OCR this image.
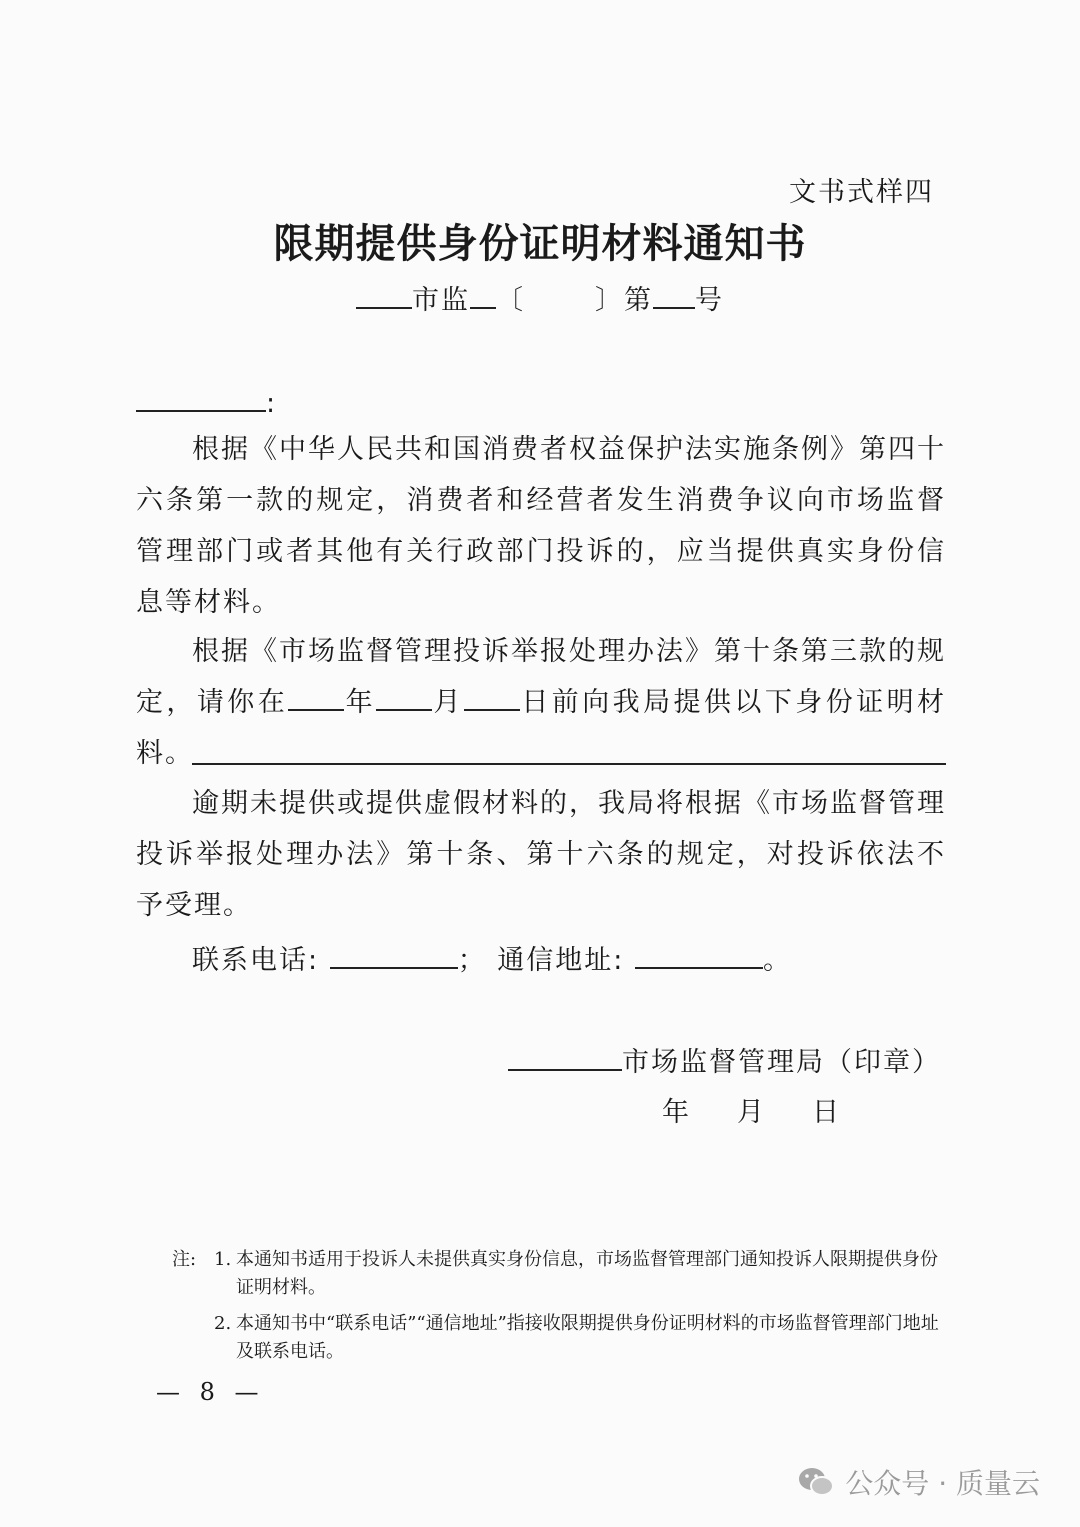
文书式样四
限期提供身份证明材料通知书
市监 〔	〕第 号
:
根据《中华人民共和国消费者权益保护法实施条例》第四十六条第一款的规定，消费者和经营者发生消费争议向市场监督管理部门或者其他有关行政部门投诉的，应当提供真实身份信息等材料。
根据《市场监督管理投诉举报处理办法》第十条第三款的规定，请你在 年 月 日前向我局提供以下身份证明材料。
逾期未提供或提供虚假材料的，我局将根据《市场监督管理投诉举报处理办法》第十条、第十六条的规定，对投诉依法不予受理。
联系电话:	； 通信地址:	。
市场监督管理局（印章）
年 月 日
注: 1. 本通知书适用于投诉人未提供真实身份信息，市场监督管理部门通知投诉人限期提供身份证明材料。
2. 本通知书中“联系电话”“通信地址”指接收限期提供身份证明材料的市场监督管理部门地址及联系电话。
— 8 —
公众号 · 质量云
